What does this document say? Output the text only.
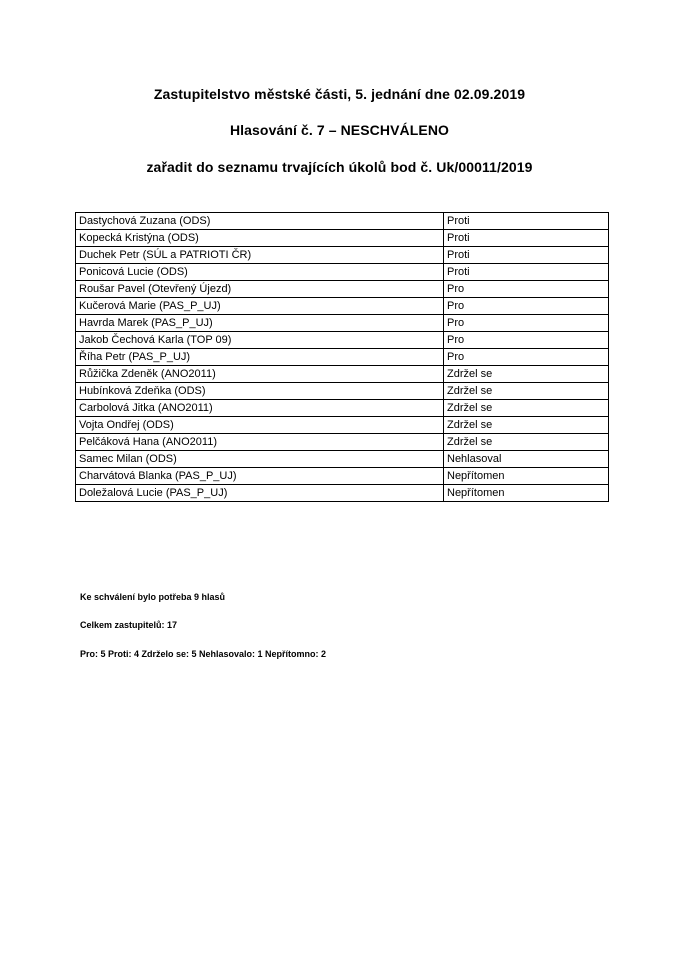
Zastupitelstvo městské části, 5. jednání dne 02.09.2019
Hlasování č. 7 – NESCHVÁLENO
zařadit do seznamu trvajících úkolů bod č. Uk/00011/2019
Dastychová Zuzana (ODS)	Proti
Kopecká Kristýna (ODS)	Proti
Duchek Petr (SÚL a PATRIOTI ČR)	Proti
Ponicová Lucie (ODS)	Proti
Roušar Pavel (Otevřený Újezd)	Pro
Kučerová Marie (PAS_P_UJ)	Pro
Havrda Marek (PAS_P_UJ)	Pro
Jakob Čechová Karla (TOP 09)	Pro
Říha Petr (PAS_P_UJ)	Pro
Růžička Zdeněk (ANO2011)	Zdržel se
Hubínková Zdeňka (ODS)	Zdržel se
Carbolová Jitka (ANO2011)	Zdržel se
Vojta Ondřej (ODS)	Zdržel se
Pelčáková Hana (ANO2011)	Zdržel se
Samec Milan (ODS)	Nehlasoval
Charvátová Blanka (PAS_P_UJ)	Nepřítomen
Doležalová Lucie (PAS_P_UJ)	Nepřítomen
Ke schválení bylo potřeba 9 hlasů
Celkem zastupitelů: 17
Pro: 5 Proti: 4 Zdrželo se: 5 Nehlasovalo: 1 Nepřítomno: 2
